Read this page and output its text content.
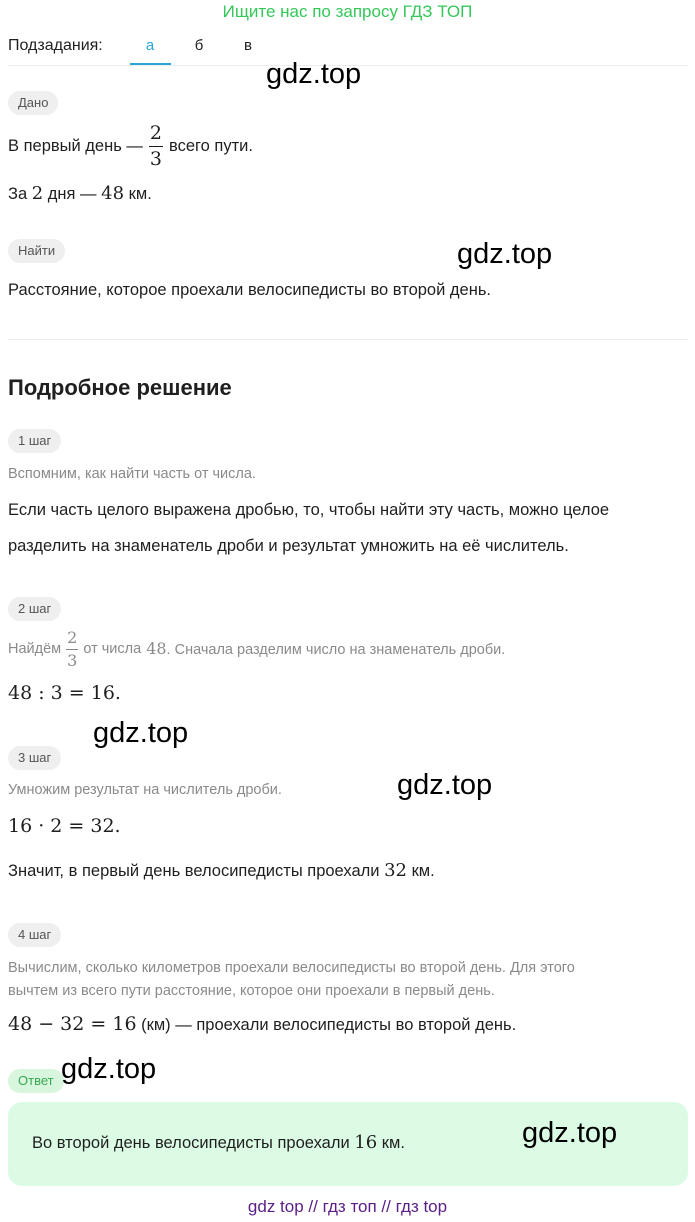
Ищите нас по запросу ГДЗ ТОП
Подзадания:	а	б	в
Дано
В первый день — $\frac{2}{3}$ всего пути.
За 2 дня — 48 км.
Найти
Расстояние, которое проехали велосипедисты во второй день.
Подробное решение
1 шаг
Вспомним, как найти часть от числа.
Если часть целого выражена дробью, то, чтобы найти эту часть, можно целое
разделить на знаменатель дроби и результат умножить на её числитель.
2 шаг
Найдём $\frac{2}{3}$ от числа 48. Сначала разделим число на знаменатель дроби.
48 : 3 = 16.
3 шаг
Умножим результат на числитель дроби.
16 · 2 = 32.
Значит, в первый день велосипедисты проехали 32 км.
4 шаг
Вычислим, сколько километров проехали велосипедисты во второй день. Для этого
вычтем из всего пути расстояние, которое они проехали в первый день.
48 − 32 = 16 (км) — проехали велосипедисты во второй день.
Ответ
Во второй день велосипедисты проехали 16 км.
gdz.top
gdz.top
gdz.top
gdz.top
gdz.top
gdz.top
gdz top // гдз топ // гдз top
